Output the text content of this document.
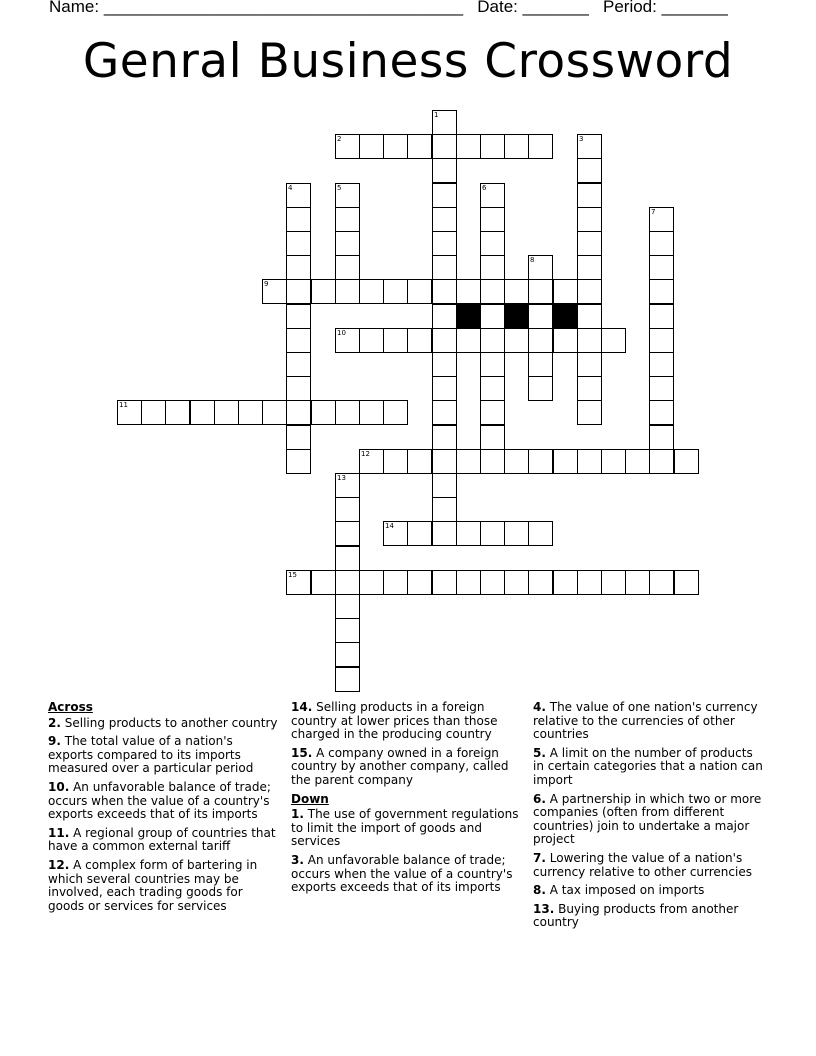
Name: ______________________________________ Date: _______ Period: _______
Genral Business Crossword
1
2	3
4	5	6
7
8
9
10
11
12
13
14
15
Across
2. Selling products to another country
9. The total value of a nation's exports compared to its imports measured over a particular period
10. An unfavorable balance of trade; occurs when the value of a country's exports exceeds that of its imports
11. A regional group of countries that have a common external tariff
12. A complex form of bartering in which several countries may be involved, each trading goods for goods or services for services
14. Selling products in a foreign country at lower prices than those charged in the producing country
15. A company owned in a foreign country by another company, called the parent company
Down
1. The use of government regulations to limit the import of goods and services
3. An unfavorable balance of trade; occurs when the value of a country's exports exceeds that of its imports
4. The value of one nation's currency relative to the currencies of other countries
5. A limit on the number of products in certain categories that a nation can import
6. A partnership in which two or more companies (often from different countries) join to undertake a major project
7. Lowering the value of a nation's currency relative to other currencies
8. A tax imposed on imports
13. Buying products from another country
